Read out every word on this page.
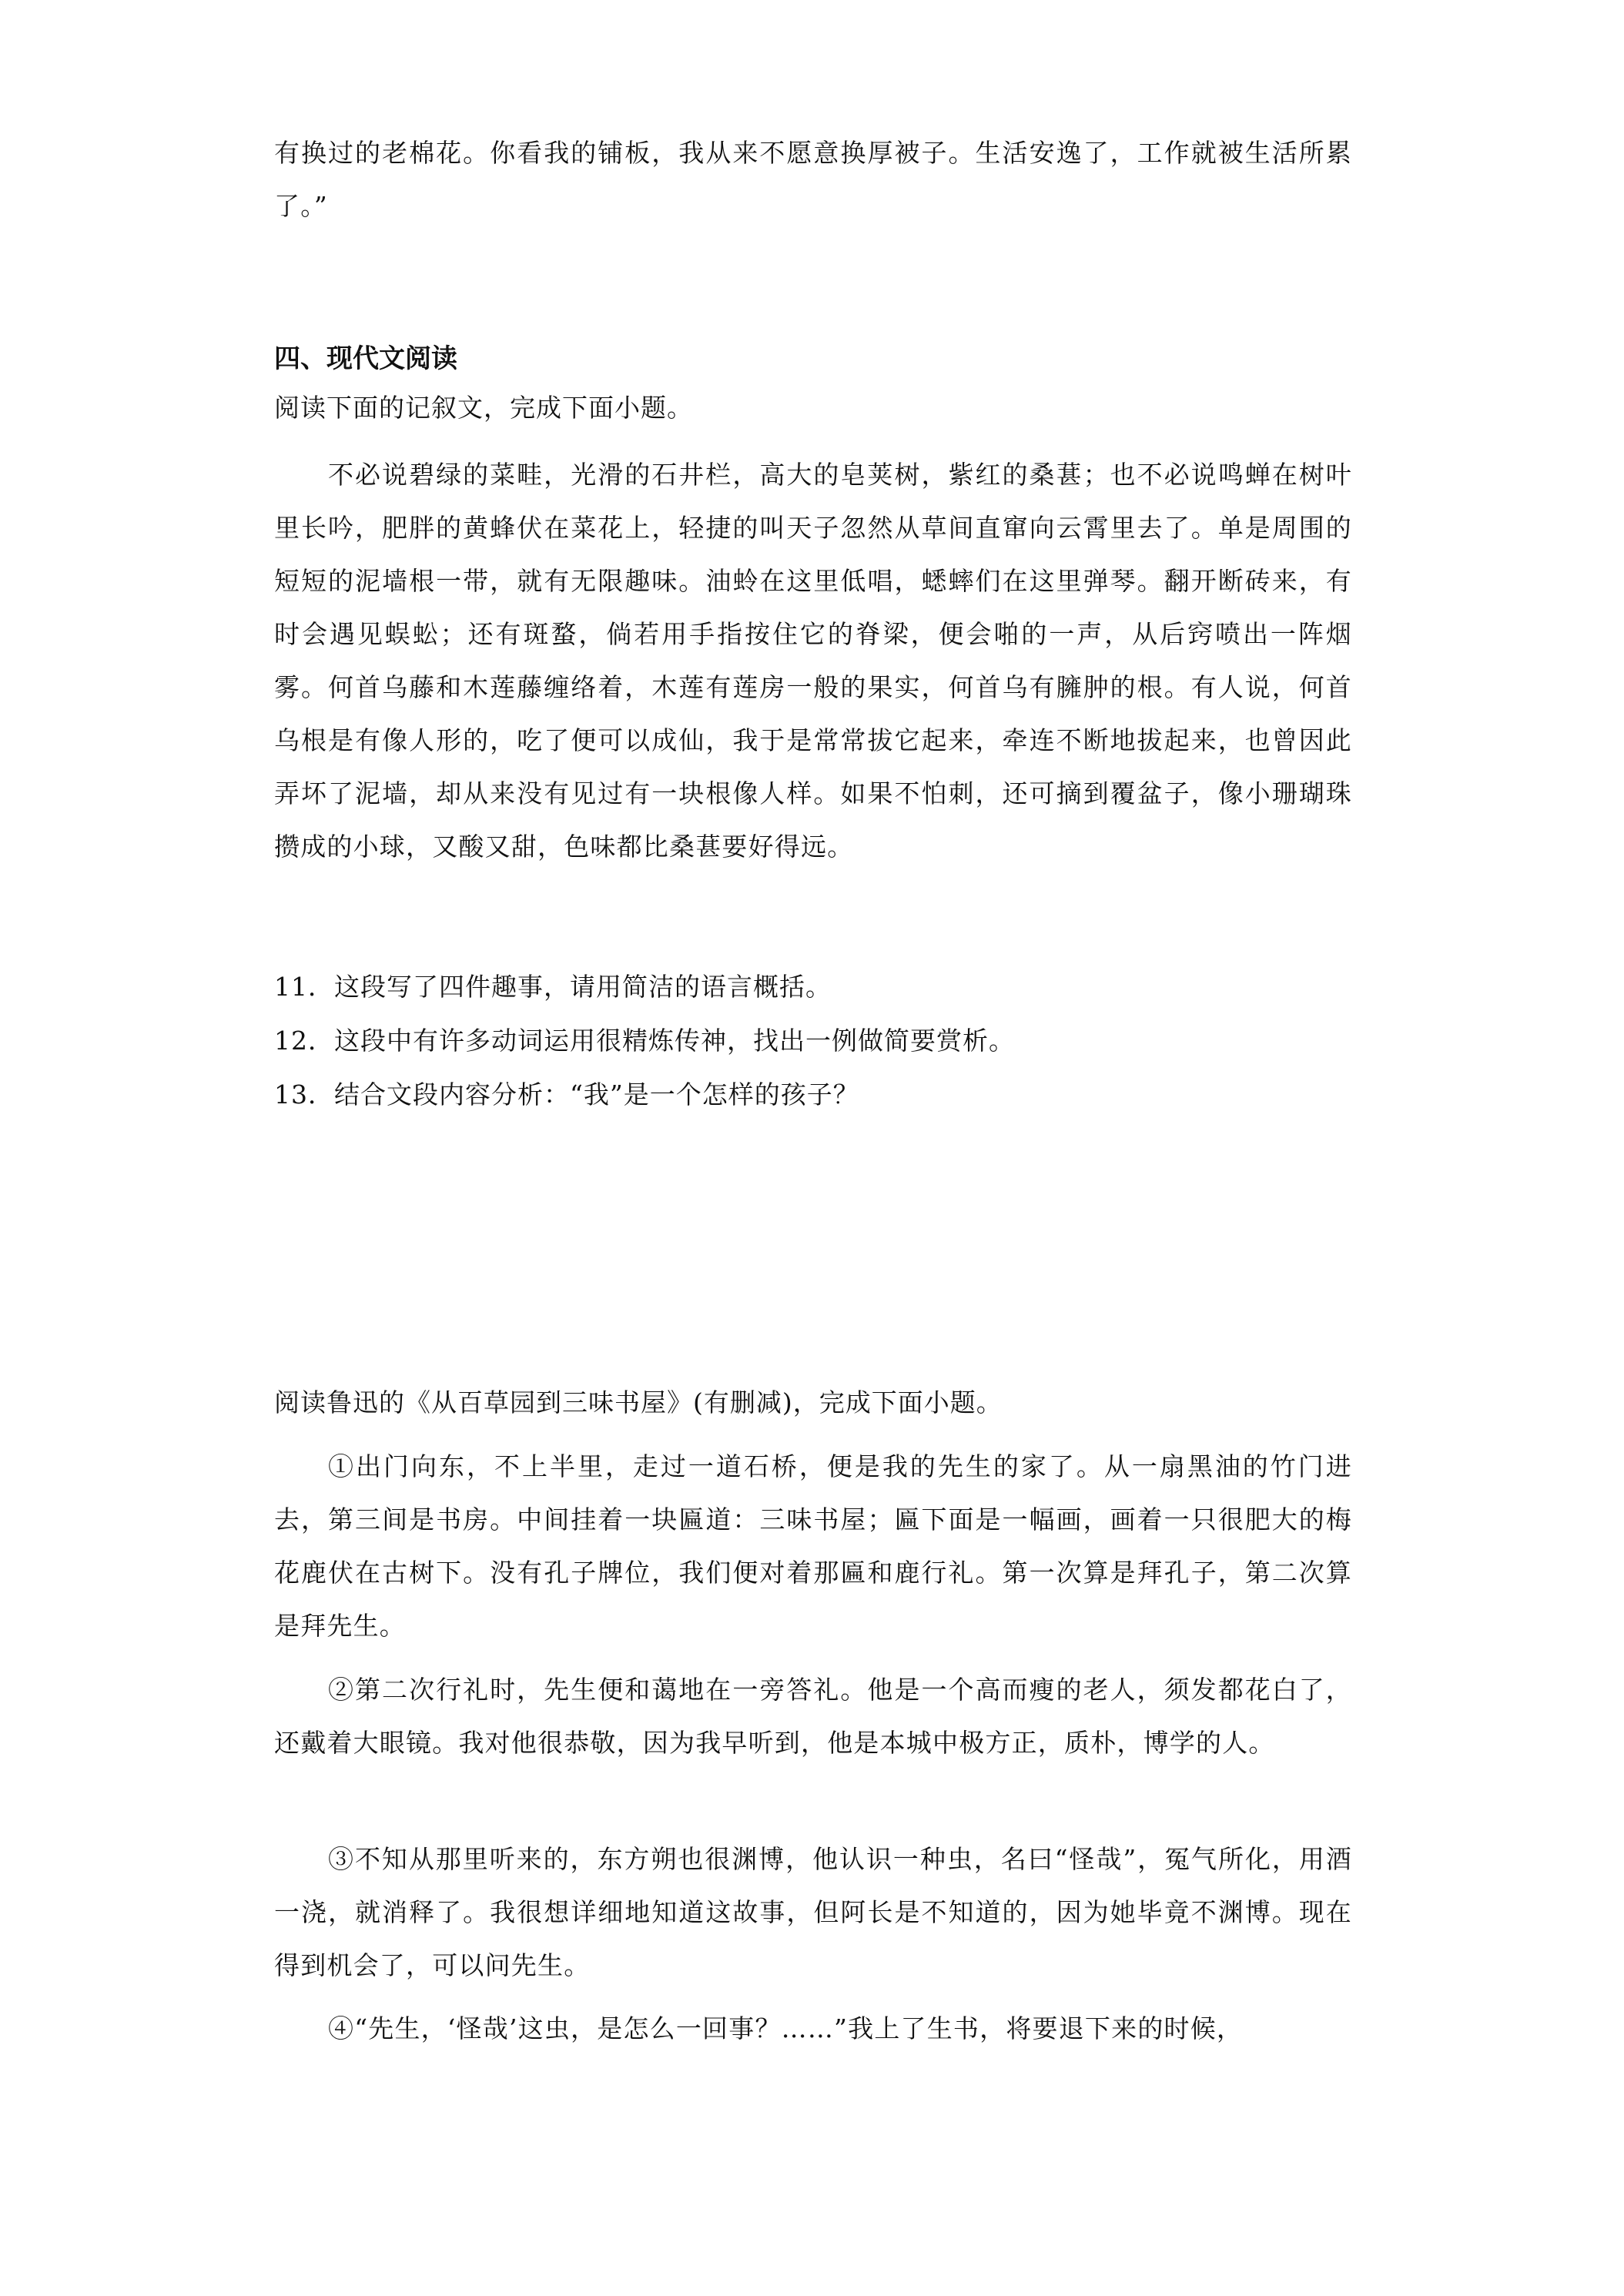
有换过的老棉花。你看我的铺板，我从来不愿意换厚被子。生活安逸了，工作就被生活所累了。”

四、现代文阅读
阅读下面的记叙文，完成下面小题。

不必说碧绿的菜畦，光滑的石井栏，高大的皂荚树，紫红的桑葚；也不必说鸣蝉在树叶里长吟，肥胖的黄蜂伏在菜花上，轻捷的叫天子忽然从草间直窜向云霄里去了。单是周围的短短的泥墙根一带，就有无限趣味。油蛉在这里低唱，蟋蟀们在这里弹琴。翻开断砖来，有时会遇见蜈蚣；还有斑蝥，倘若用手指按住它的脊梁，便会啪的一声，从后窍喷出一阵烟雾。何首乌藤和木莲藤缠络着，木莲有莲房一般的果实，何首乌有臃肿的根。有人说，何首乌根是有像人形的，吃了便可以成仙，我于是常常拔它起来，牵连不断地拔起来，也曾因此弄坏了泥墙，却从来没有见过有一块根像人样。如果不怕刺，还可摘到覆盆子，像小珊瑚珠攒成的小球，又酸又甜，色味都比桑葚要好得远。

11．这段写了四件趣事，请用简洁的语言概括。
12．这段中有许多动词运用很精炼传神，找出一例做简要赏析。
13．结合文段内容分析：“我”是一个怎样的孩子？
阅读鲁迅的《从百草园到三味书屋》(有删减)，完成下面小题。

①出门向东，不上半里，走过一道石桥，便是我的先生的家了。从一扇黑油的竹门进去，第三间是书房。中间挂着一块匾道：三味书屋；匾下面是一幅画，画着一只很肥大的梅花鹿伏在古树下。没有孔子牌位，我们便对着那匾和鹿行礼。第一次算是拜孔子，第二次算是拜先生。

②第二次行礼时，先生便和蔼地在一旁答礼。他是一个高而瘦的老人，须发都花白了，还戴着大眼镜。我对他很恭敬，因为我早听到，他是本城中极方正，质朴，博学的人。

③不知从那里听来的，东方朔也很渊博，他认识一种虫，名曰“怪哉”，冤气所化，用酒一浇，就消释了。我很想详细地知道这故事，但阿长是不知道的，因为她毕竟不渊博。现在得到机会了，可以问先生。

④“先生，‘怪哉’这虫，是怎么一回事？……”我上了生书，将要退下来的时候，
